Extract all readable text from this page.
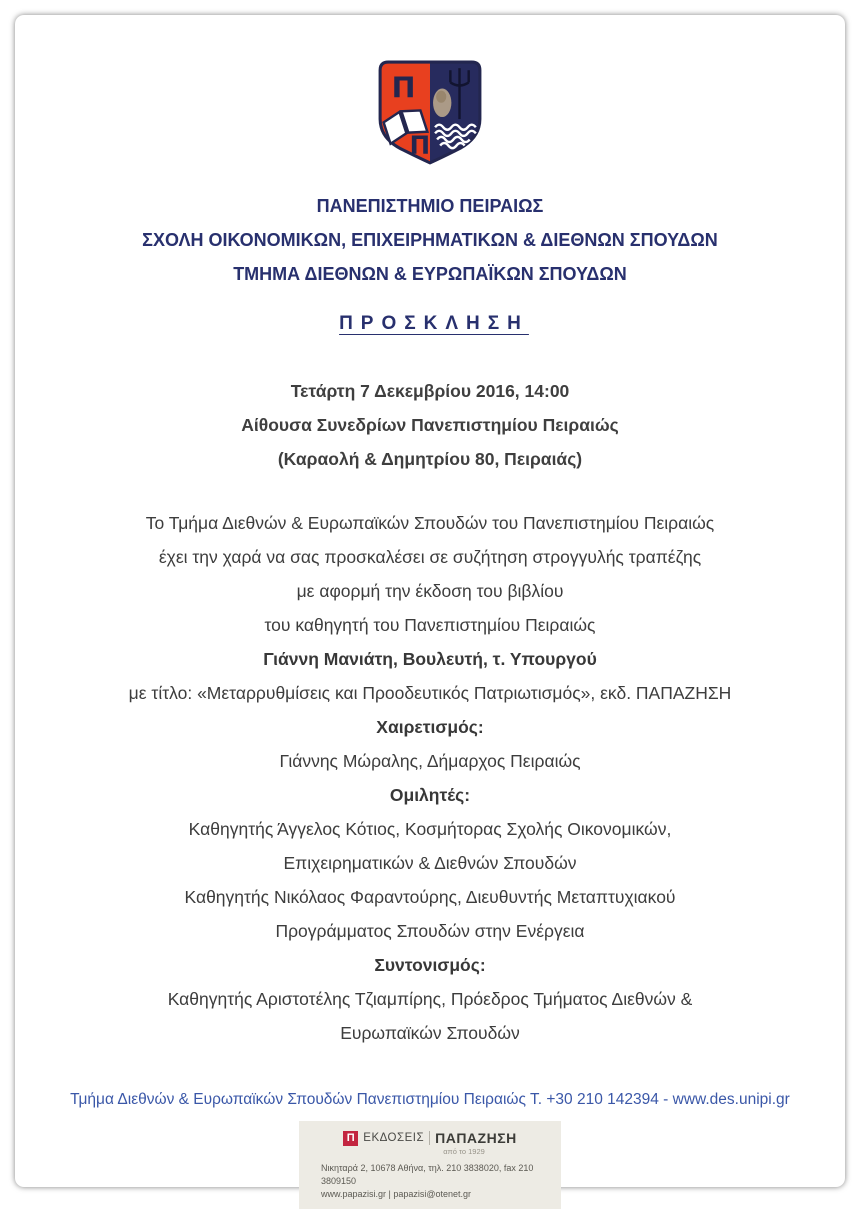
Π
Π
ΠΑΝΕΠΙΣΤΗΜΙΟ ΠΕΙΡΑΙΩΣ
ΣΧΟΛΗ ΟΙΚΟΝΟΜΙΚΩΝ, ΕΠΙΧΕΙΡΗΜΑΤΙΚΩΝ & ΔΙΕΘΝΩΝ ΣΠΟΥΔΩΝ
ΤΜΗΜΑ ΔΙΕΘΝΩΝ & ΕΥΡΩΠΑΪΚΩΝ ΣΠΟΥΔΩΝ
ΠΡΟΣΚΛΗΣΗ
Τετάρτη 7 Δεκεμβρίου 2016, 14:00
Αίθουσα Συνεδρίων Πανεπιστημίου Πειραιώς
(Καραολή & Δημητρίου 80, Πειραιάς)
Το Τμήμα Διεθνών & Ευρωπαϊκών Σπουδών του Πανεπιστημίου Πειραιώς
έχει την χαρά να σας προσκαλέσει σε συζήτηση στρογγυλής τραπέζης
με αφορμή την έκδοση του βιβλίου
του καθηγητή του Πανεπιστημίου Πειραιώς
Γιάννη Μανιάτη, Βουλευτή, τ. Υπουργού
με τίτλο: «Μεταρρυθμίσεις και Προοδευτικός Πατριωτισμός», εκδ. ΠΑΠΑΖΗΣΗ
Χαιρετισμός:
Γιάννης Μώραλης, Δήμαρχος Πειραιώς
Ομιλητές:
Καθηγητής Άγγελος Κότιος, Κοσμήτορας Σχολής Οικονομικών,
Επιχειρηματικών & Διεθνών Σπουδών
Καθηγητής Νικόλαος Φαραντούρης, Διευθυντής Μεταπτυχιακού
Προγράμματος Σπουδών στην Ενέργεια
Συντονισμός:
Καθηγητής Αριστοτέλης Τζιαμπίρης, Πρόεδρος Τμήματος Διεθνών &
Ευρωπαϊκών Σπουδών
Τμήμα Διεθνών & Ευρωπαϊκών Σπουδών Πανεπιστημίου Πειραιώς Τ. +30 210 142394 - www.des.unipi.gr
Π ΕΚΔΟΣΕΙΣ ΠΑΠΑΖΗΣΗ
από το 1929
Νικηταρά 2, 10678 Αθήνα, τηλ. 210 3838020, fax 210 3809150
www.papazisi.gr | papazisi@otenet.gr
